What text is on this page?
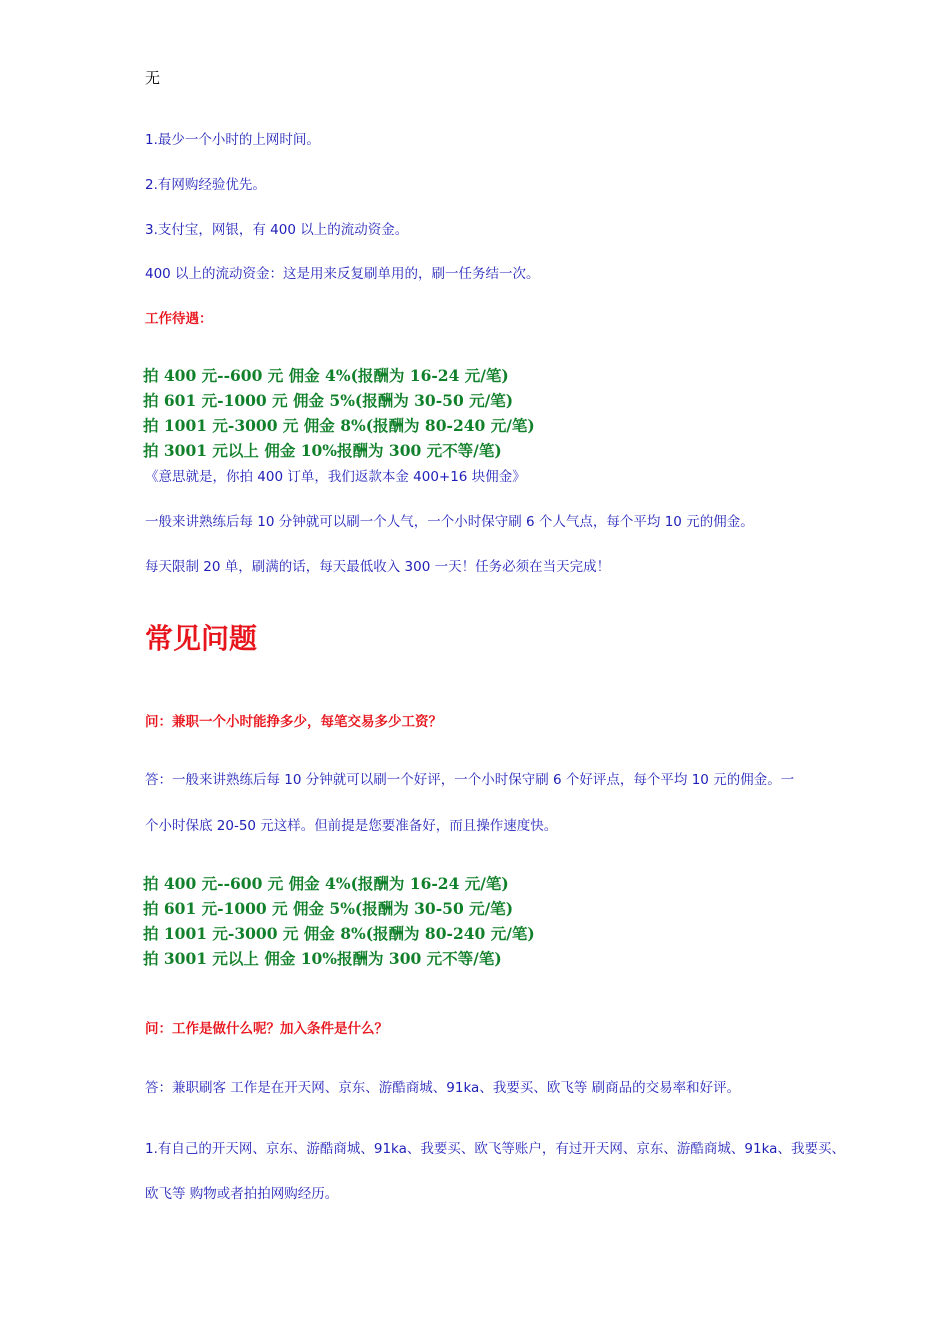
无

1.最少一个小时的上网时间。

2.有网购经验优先。

3.支付宝，网银，有 400 以上的流动资金。

400 以上的流动资金：这是用来反复刷单用的，刷一任务结一次。

工作待遇：

拍 400 元--600 元 佣金 4%(报酬为 16-24 元/笔)

拍 601 元-1000 元 佣金 5%(报酬为 30-50 元/笔)

拍 1001 元-3000 元 佣金 8%(报酬为 80-240 元/笔)

拍 3001 元以上 佣金 10%报酬为 300 元不等/笔)

《意思就是，你拍 400 订单，我们返款本金 400+16 块佣金》

一般来讲熟练后每 10 分钟就可以刷一个人气，一个小时保守刷 6 个人气点，每个平均 10 元的佣金。

每天限制 20 单，刷满的话，每天最低收入 300 一天！任务必须在当天完成！

常见问题

问：兼职一个小时能挣多少，每笔交易多少工资？

答：一般来讲熟练后每 10 分钟就可以刷一个好评，一个小时保守刷 6 个好评点，每个平均 10 元的佣金。一

个小时保底 20-50 元这样。但前提是您要准备好，而且操作速度快。

拍 400 元--600 元 佣金 4%(报酬为 16-24 元/笔)

拍 601 元-1000 元 佣金 5%(报酬为 30-50 元/笔)

拍 1001 元-3000 元 佣金 8%(报酬为 80-240 元/笔)

拍 3001 元以上 佣金 10%报酬为 300 元不等/笔)

问：工作是做什么呢？加入条件是什么？

答：兼职刷客 工作是在开天网、京东、游酷商城、91ka、我要买、欧飞等 刷商品的交易率和好评。

1.有自己的开天网、京东、游酷商城、91ka、我要买、欧飞等账户，有过开天网、京东、游酷商城、91ka、我要买、

欧飞等 购物或者拍拍网购经历。
